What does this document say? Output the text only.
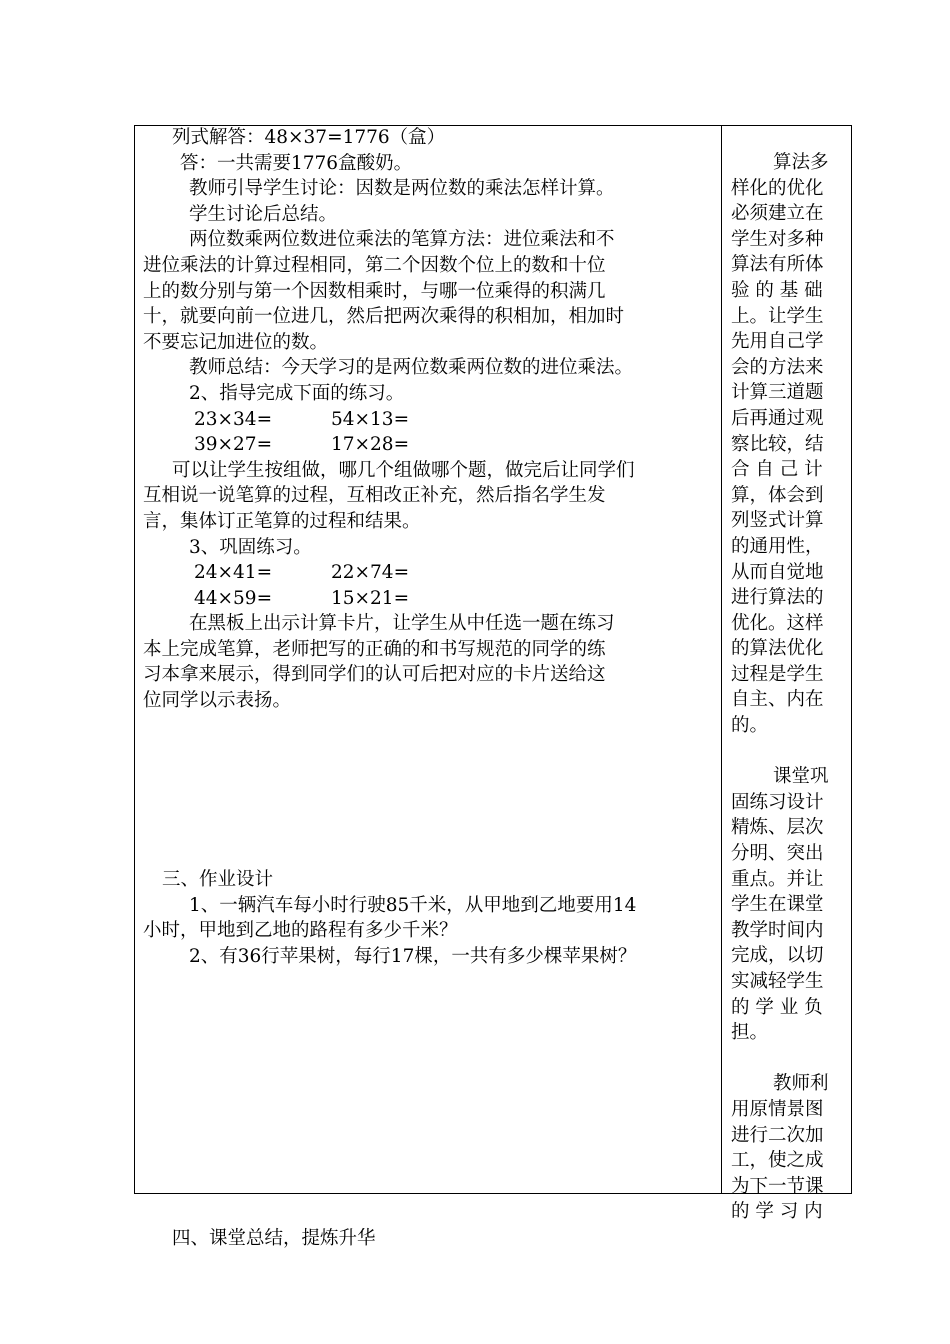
列式解答：48×37=1776（盒）
答：一共需要1776盒酸奶。
教师引导学生讨论：因数是两位数的乘法怎样计算。
学生讨论后总结。
两位数乘两位数进位乘法的笔算方法：进位乘法和不
进位乘法的计算过程相同，第二个因数个位上的数和十位
上的数分别与第一个因数相乘时，与哪一位乘得的积满几
十，就要向前一位进几，然后把两次乘得的积相加，相加时
不要忘记加进位的数。
教师总结：今天学习的是两位数乘两位数的进位乘法。
2、指导完成下面的练习。
23×34=	54×13=
39×27=	17×28=
可以让学生按组做，哪几个组做哪个题，做完后让同学们
互相说一说笔算的过程，互相改正补充，然后指名学生发
言，集体订正笔算的过程和结果。
3、巩固练习。
24×41=	22×74=
44×59=	15×21=
在黑板上出示计算卡片，让学生从中任选一题在练习
本上完成笔算，老师把写的正确的和书写规范的同学的练
习本拿来展示，得到同学们的认可后把对应的卡片送给这
位同学以示表扬。
三、作业设计
1、一辆汽车每小时行驶85千米，从甲地到乙地要用14
小时，甲地到乙地的路程有多少千米？
2、有36行苹果树，每行17棵，一共有多少棵苹果树？
四、课堂总结，提炼升华
算法多
样化的优化
必须建立在
学生对多种
算法有所体
验 的 基 础
上。让学生
先用自己学
会的方法来
计算三道题
后再通过观
察比较，结
合 自 己 计
算，体会到
列竖式计算
的通用性，
从而自觉地
进行算法的
优化。这样
的算法优化
过程是学生
自主、内在
的。
课堂巩
固练习设计
精炼、层次
分明、突出
重点。并让
学生在课堂
教学时间内
完成，以切
实减轻学生
的 学 业 负
担。
教师利
用原情景图
进行二次加
工，使之成
为下一节课
的 学 习 内
